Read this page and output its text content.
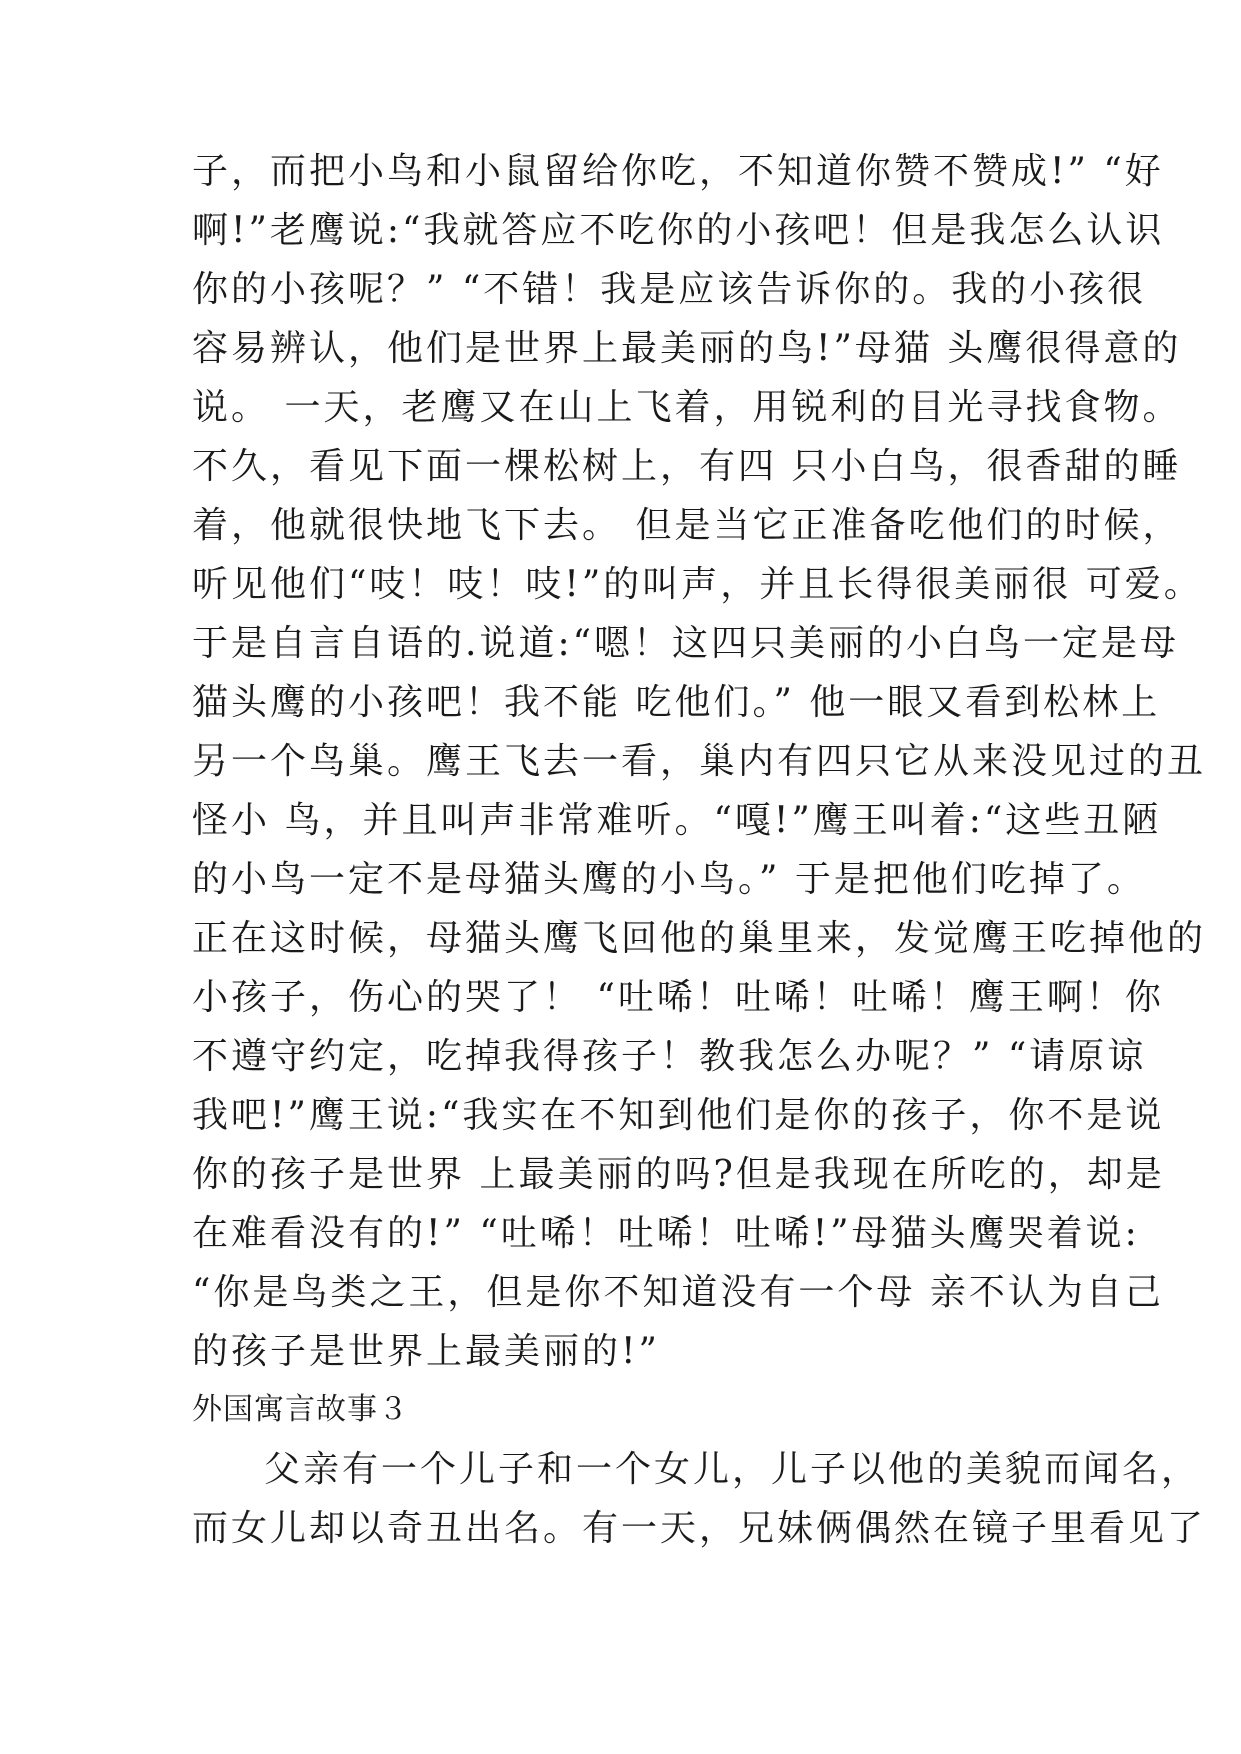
子，而把小鸟和小鼠留给你吃，不知道你赞不赞成!” “好
啊!”老鹰说:“我就答应不吃你的小孩吧！但是我怎么认识
你的小孩呢？” “不错！我是应该告诉你的。我的小孩很
容易辨认，他们是世界上最美丽的鸟!”母猫 头鹰很得意的
说。 一天，老鹰又在山上飞着，用锐利的目光寻找食物。
不久，看见下面一棵松树上，有四 只小白鸟，很香甜的睡
着，他就很快地飞下去。 但是当它正准备吃他们的时候，
听见他们“吱！吱！吱!”的叫声，并且长得很美丽很 可爱。
于是自言自语的.说道:“嗯！这四只美丽的小白鸟一定是母
猫头鹰的小孩吧！我不能 吃他们。” 他一眼又看到松林上
另一个鸟巢。鹰王飞去一看，巢内有四只它从来没见过的丑
怪小 鸟，并且叫声非常难听。“嘎!”鹰王叫着:“这些丑陋
的小鸟一定不是母猫头鹰的小鸟。” 于是把他们吃掉了。
正在这时候，母猫头鹰飞回他的巢里来，发觉鹰王吃掉他的
小孩子，伤心的哭了！ “吐唏！吐唏！吐唏！鹰王啊！你
不遵守约定，吃掉我得孩子！教我怎么办呢？” “请原谅
我吧!”鹰王说:“我实在不知到他们是你的孩子，你不是说
你的孩子是世界 上最美丽的吗?但是我现在所吃的，却是
在难看没有的!” “吐唏！吐唏！吐唏!”母猫头鹰哭着说:
“你是鸟类之王，但是你不知道没有一个母 亲不认为自己
的孩子是世界上最美丽的!”
外国寓言故事３
父亲有一个儿子和一个女儿，儿子以他的美貌而闻名，
而女儿却以奇丑出名。有一天，兄妹俩偶然在镜子里看见了
